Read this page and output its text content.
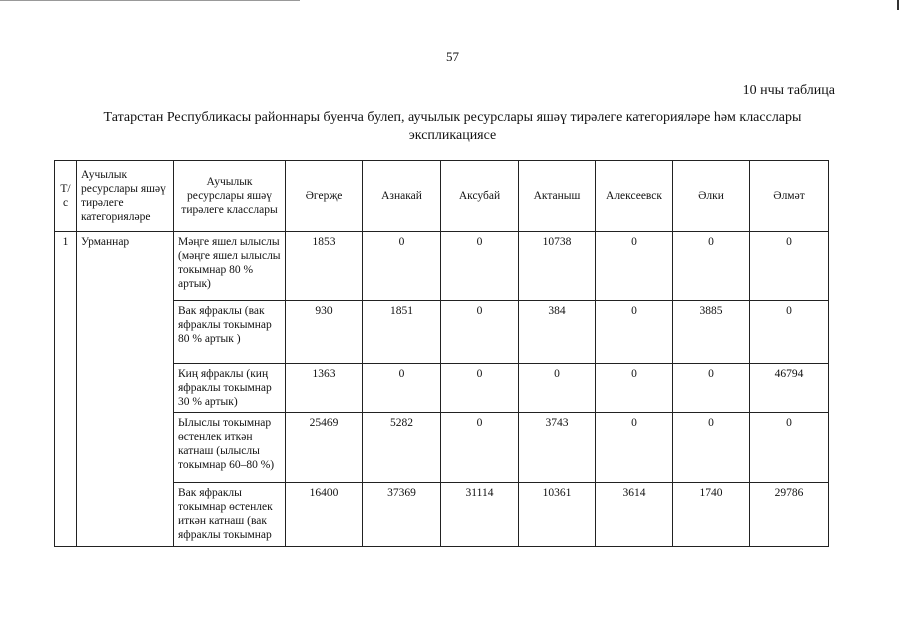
57
10 нчы таблица
Татарстан Республикасы районнары буенча булеп, аучылык ресурслары яшәү тирәлеге категорияләре һәм класслары экспликациясе
Т/с	Аучылык ресурслары яшәү тирәлеге категорияләре	Аучылык ресурслары яшәү тирәлеге класслары	Әгерҗе	Азнакай	Аксубай	Актаныш	Алексеевск	Әлки	Әлмәт
1	Урманнар	Мәңге яшел ылыслы (мәңге яшел ылыслы токымнар 80 % артык)	1853	0	0	10738	0	0	0
		Вак яфраклы (вак яфраклы токымнар 80 % артык )	930	1851	0	384	0	3885	0
		Киң яфраклы (киң яфраклы токымнар 30 % артык)	1363	0	0	0	0	0	46794
		Ылыслы токымнар өстенлек иткән катнаш (ылыслы токымнар 60–80 %)	25469	5282	0	3743	0	0	0
		Вак яфраклы токымнар өстенлек иткән катнаш (вак яфраклы токымнар	16400	37369	31114	10361	3614	1740	29786
